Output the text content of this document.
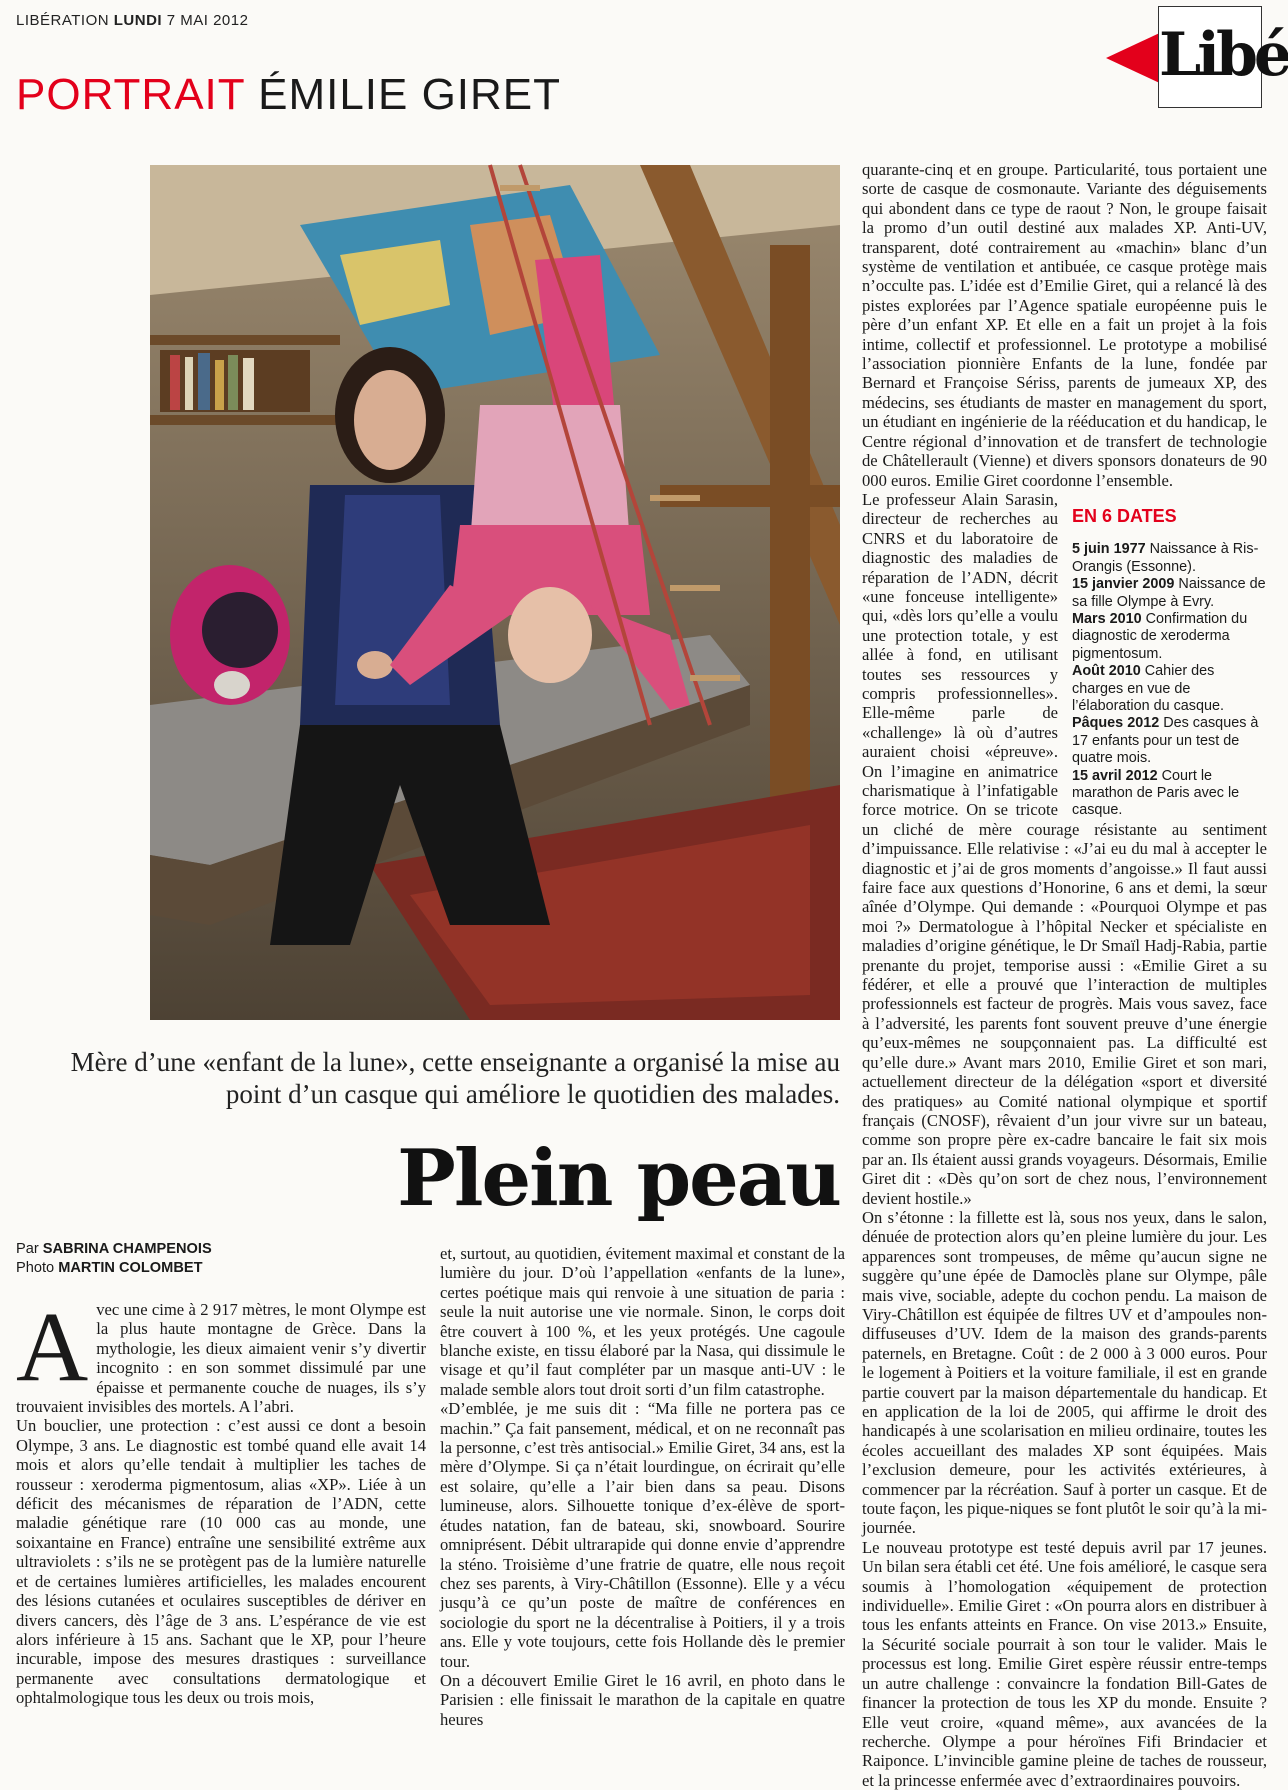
LIBÉRATION LUNDI 7 MAI 2012	Libé
PORTRAIT ÉMILIE GIRET
Mère d’une «enfant de la lune», cette enseignante a organisé la mise au point d’un casque qui améliore le quotidien des malades.
Plein peau
Par SABRINA CHAMPENOIS
Photo MARTIN COLOMBET
A vec une cime à 2 917 mètres, le mont Olympe est la plus haute montagne de Grèce. Dans la mythologie, les dieux aimaient venir s’y divertir incognito : en son sommet dissimulé par une épaisse et permanente couche de nuages, ils s’y trouvaient invisibles des mortels. A l’abri.

Un bouclier, une protection : c’est aussi ce dont a besoin Olympe, 3 ans. Le diagnostic est tombé quand elle avait 14 mois et alors qu’elle tendait à multiplier les taches de rousseur : xeroderma pigmentosum, alias «XP». Liée à un déficit des mécanismes de réparation de l’ADN, cette maladie génétique rare (10 000 cas au monde, une soixantaine en France) entraîne une sensibilité extrême aux ultraviolets : s’ils ne se protègent pas de la lumière naturelle et de certaines lumières artificielles, les malades encourent des lésions cutanées et oculaires susceptibles de dériver en divers cancers, dès l’âge de 3 ans. L’espérance de vie est alors inférieure à 15 ans. Sachant que le XP, pour l’heure incurable, impose des mesures drastiques : surveillance permanente avec consultations dermatologique et ophtalmologique tous les deux ou trois mois,

et, surtout, au quotidien, évitement maximal et constant de la lumière du jour. D’où l’appellation «enfants de la lune», certes poétique mais qui renvoie à une situation de paria : seule la nuit autorise une vie normale. Sinon, le corps doit être couvert à 100 %, et les yeux protégés. Une cagoule blanche existe, en tissu élaboré par la Nasa, qui dissimule le visage et qu’il faut compléter par un masque anti-UV : le malade semble alors tout droit sorti d’un film catastrophe.

«D’emblée, je me suis dit : “Ma fille ne portera pas ce machin.” Ça fait pansement, médical, et on ne reconnaît pas la personne, c’est très antisocial.» Emilie Giret, 34 ans, est la mère d’Olympe. Si ça n’était lourdingue, on écrirait qu’elle est solaire, qu’elle a l’air bien dans sa peau. Disons lumineuse, alors. Silhouette tonique d’ex-élève de sport-études natation, fan de bateau, ski, snowboard. Sourire omniprésent. Débit ultrarapide qui donne envie d’apprendre la sténo. Troisième d’une fratrie de quatre, elle nous reçoit chez ses parents, à Viry-Châtillon (Essonne). Elle y a vécu jusqu’à ce qu’un poste de maître de conférences en sociologie du sport ne la décentralise à Poitiers, il y a trois ans. Elle y vote toujours, cette fois Hollande dès le premier tour.

On a découvert Emilie Giret le 16 avril, en photo dans le Parisien : elle finissait le marathon de la capitale en quatre heures

quarante-cinq et en groupe. Particularité, tous portaient une sorte de casque de cosmonaute. Variante des déguisements qui abondent dans ce type de raout ? Non, le groupe faisait la promo d’un outil destiné aux malades XP. Anti-UV, transparent, doté contrairement au «machin» blanc d’un système de ventilation et antibuée, ce casque protège mais n’occulte pas. L’idée est d’Emilie Giret, qui a relancé là des pistes explorées par l’Agence spatiale européenne puis le père d’un enfant XP. Et elle en a fait un projet à la fois intime, collectif et professionnel. Le prototype a mobilisé l’association pionnière Enfants de la lune, fondée par Bernard et Françoise Sériss, parents de jumeaux XP, des médecins, ses étudiants de master en management du sport, un étudiant en ingénierie de la rééducation et du handicap, le Centre régional d’innovation et de transfert de technologie de Châtellerault (Vienne) et divers sponsors donateurs de 90 000 euros. Emilie Giret coordonne l’ensemble.

EN 6 DATES
5 juin 1977 Naissance à Ris-Orangis (Essonne).
15 janvier 2009 Naissance de sa fille Olympe à Evry.
Mars 2010 Confirmation du diagnostic de xeroderma pigmentosum.
Août 2010 Cahier des charges en vue de l’élaboration du casque.
Pâques 2012 Des casques à 17 enfants pour un test de quatre mois.
15 avril 2012 Court le marathon de Paris avec le casque.

Le professeur Alain Sarasin, directeur de recherches au CNRS et du laboratoire de diagnostic des maladies de réparation de l’ADN, décrit «une fonceuse intelligente» qui, «dès lors qu’elle a voulu une protection totale, y est allée à fond, en utilisant toutes ses ressources y compris professionnelles». Elle-même parle de «challenge» là où d’autres auraient choisi «épreuve». On l’imagine en animatrice charismatique à l’infatigable force motrice. On se tricote un cliché de mère courage résistante au sentiment d’impuissance. Elle relativise : «J’ai eu du mal à accepter le diagnostic et j’ai de gros moments d’angoisse.» Il faut aussi faire face aux questions d’Honorine, 6 ans et demi, la sœur aînée d’Olympe. Qui demande : «Pourquoi Olympe et pas moi ?» Dermatologue à l’hôpital Necker et spécialiste en maladies d’origine génétique, le Dr Smaïl Hadj-Rabia, partie prenante du projet, temporise aussi : «Emilie Giret a su fédérer, et elle a prouvé que l’interaction de multiples professionnels est facteur de progrès. Mais vous savez, face à l’adversité, les parents font souvent preuve d’une énergie qu’eux-mêmes ne soupçonnaient pas. La difficulté est qu’elle dure.» Avant mars 2010, Emilie Giret et son mari, actuellement directeur de la délégation «sport et diversité des pratiques» au Comité national olympique et sportif français (CNOSF), rêvaient d’un jour vivre sur un bateau, comme son propre père ex-cadre bancaire le fait six mois par an. Ils étaient aussi grands voyageurs. Désormais, Emilie Giret dit : «Dès qu’on sort de chez nous, l’environnement devient hostile.»

On s’étonne : la fillette est là, sous nos yeux, dans le salon, dénuée de protection alors qu’en pleine lumière du jour. Les apparences sont trompeuses, de même qu’aucun signe ne suggère qu’une épée de Damoclès plane sur Olympe, pâle mais vive, sociable, adepte du cochon pendu. La maison de Viry-Châtillon est équipée de filtres UV et d’ampoules non-diffuseuses d’UV. Idem de la maison des grands-parents paternels, en Bretagne. Coût : de 2 000 à 3 000 euros. Pour le logement à Poitiers et la voiture familiale, il est en grande partie couvert par la maison départementale du handicap. Et en application de la loi de 2005, qui affirme le droit des handicapés à une scolarisation en milieu ordinaire, toutes les écoles accueillant des malades XP sont équipées. Mais l’exclusion demeure, pour les activités extérieures, à commencer par la récréation. Sauf à porter un casque. Et de toute façon, les pique-niques se font plutôt le soir qu’à la mi-journée.

Le nouveau prototype est testé depuis avril par 17 jeunes. Un bilan sera établi cet été. Une fois amélioré, le casque sera soumis à l’homologation «équipement de protection individuelle». Emilie Giret : «On pourra alors en distribuer à tous les enfants atteints en France. On vise 2013.» Ensuite, la Sécurité sociale pourrait à son tour le valider. Mais le processus est long. Emilie Giret espère réussir entre-temps un autre challenge : convaincre la fondation Bill-Gates de financer la protection de tous les XP du monde. Ensuite ? Elle veut croire, «quand même», aux avancées de la recherche. Olympe a pour héroïnes Fifi Brindacier et Raiponce. L’invincible gamine pleine de taches de rousseur, et la princesse enfermée avec d’extraordinaires pouvoirs.
